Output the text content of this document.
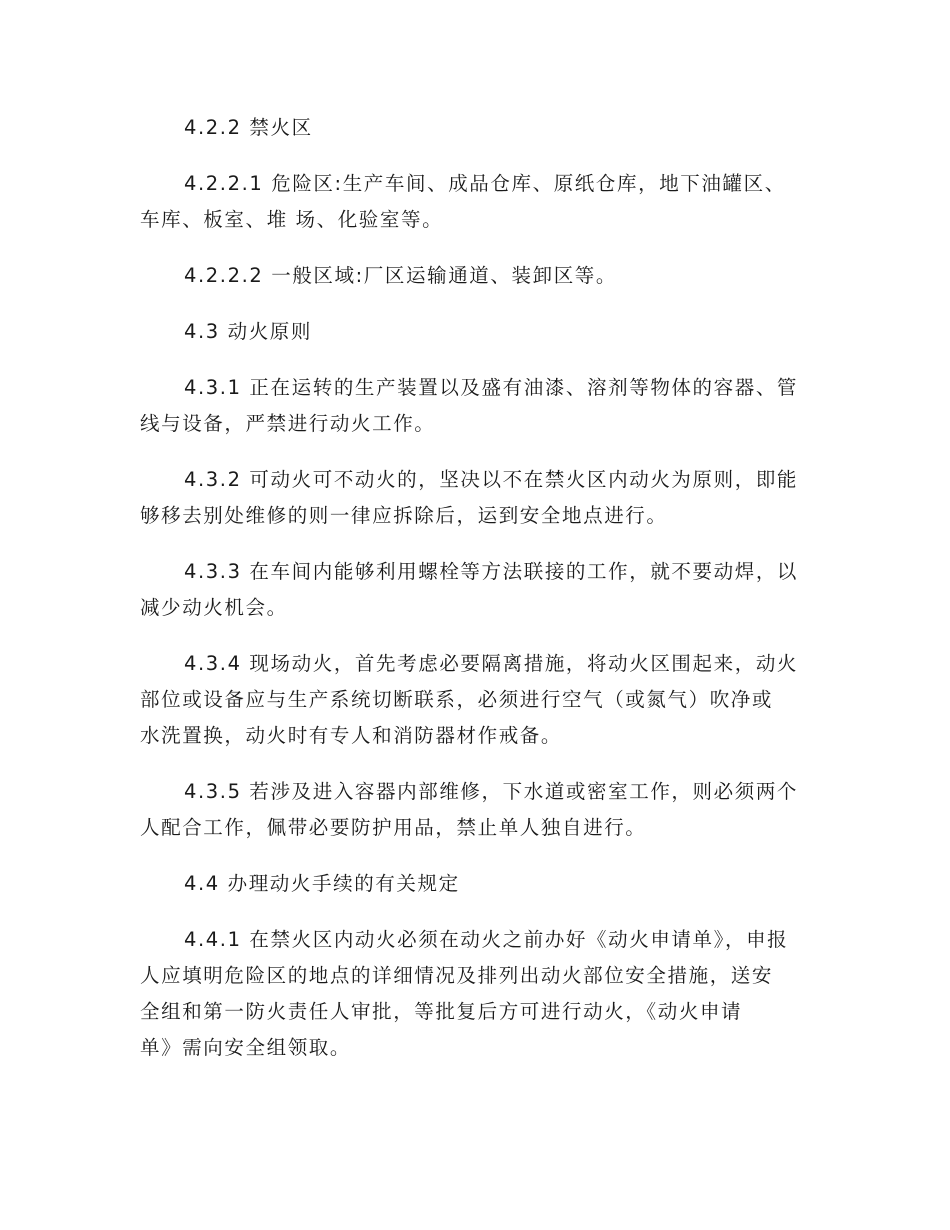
4.2.2 禁火区

4.2.2.1 危险区:生产车间、成品仓库、原纸仓库，地下油罐区、
车库、板室、堆 场、化验室等。

4.2.2.2 一般区域:厂区运输通道、装卸区等。

4.3 动火原则

4.3.1 正在运转的生产装置以及盛有油漆、溶剂等物体的容器、管
线与设备，严禁进行动火工作。

4.3.2 可动火可不动火的，坚决以不在禁火区内动火为原则，即能
够移去别处维修的则一律应拆除后，运到安全地点进行。

4.3.3 在车间内能够利用螺栓等方法联接的工作，就不要动焊，以
减少动火机会。

4.3.4 现场动火，首先考虑必要隔离措施，将动火区围起来，动火
部位或设备应与生产系统切断联系，必须进行空气（或氮气）吹净或
水洗置换，动火时有专人和消防器材作戒备。

4.3.5 若涉及进入容器内部维修，下水道或密室工作，则必须两个
人配合工作，佩带必要防护用品，禁止单人独自进行。

4.4 办理动火手续的有关规定

4.4.1 在禁火区内动火必须在动火之前办好《动火申请单》，申报
人应填明危险区的地点的详细情况及排列出动火部位安全措施，送安
全组和第一防火责任人审批，等批复后方可进行动火，《动火申请
单》需向安全组领取。
